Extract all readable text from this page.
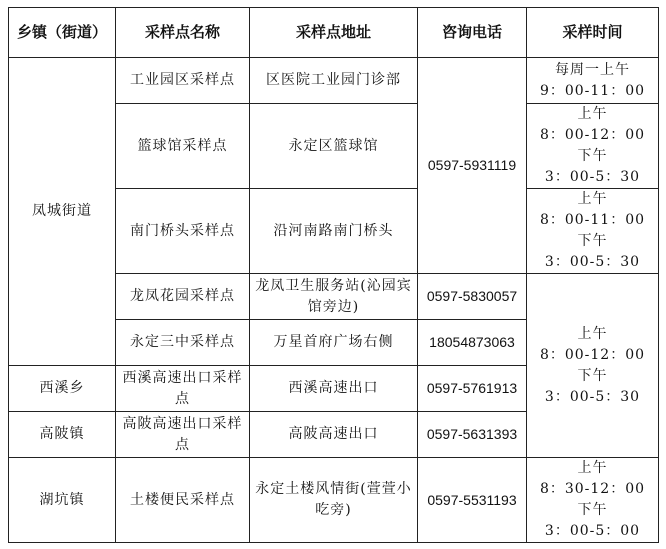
乡镇（街道）	采样点名称	采样点地址	咨询电话	采样时间
凤城街道	工业园区采样点	区医院工业园门诊部	0597-5931119	每周一上午
9：00-11：00

	篮球馆采样点	永定区篮球馆		上午
8：00-12：00
下午
3：00-5：30

	南门桥头采样点	沿河南路南门桥头		上午
8：00-11：00
下午
3：00-5：30

	龙凤花园采样点	龙凤卫生服务站(沁园宾馆旁边)	0597-5830057	上午
8：00-12：00
下午
3：00-5：30

	永定三中采样点	万星首府广场右侧	18054873063	
西溪乡	西溪高速出口采样点	西溪高速出口	0597-5761913	
高陂镇	高陂高速出口采样点	高陂高速出口	0597-5631393	
湖坑镇	土楼便民采样点	永定土楼风情街(萱萱小吃旁)	0597-5531193	上午
8：30-12：00
下午
3：00-5：00
